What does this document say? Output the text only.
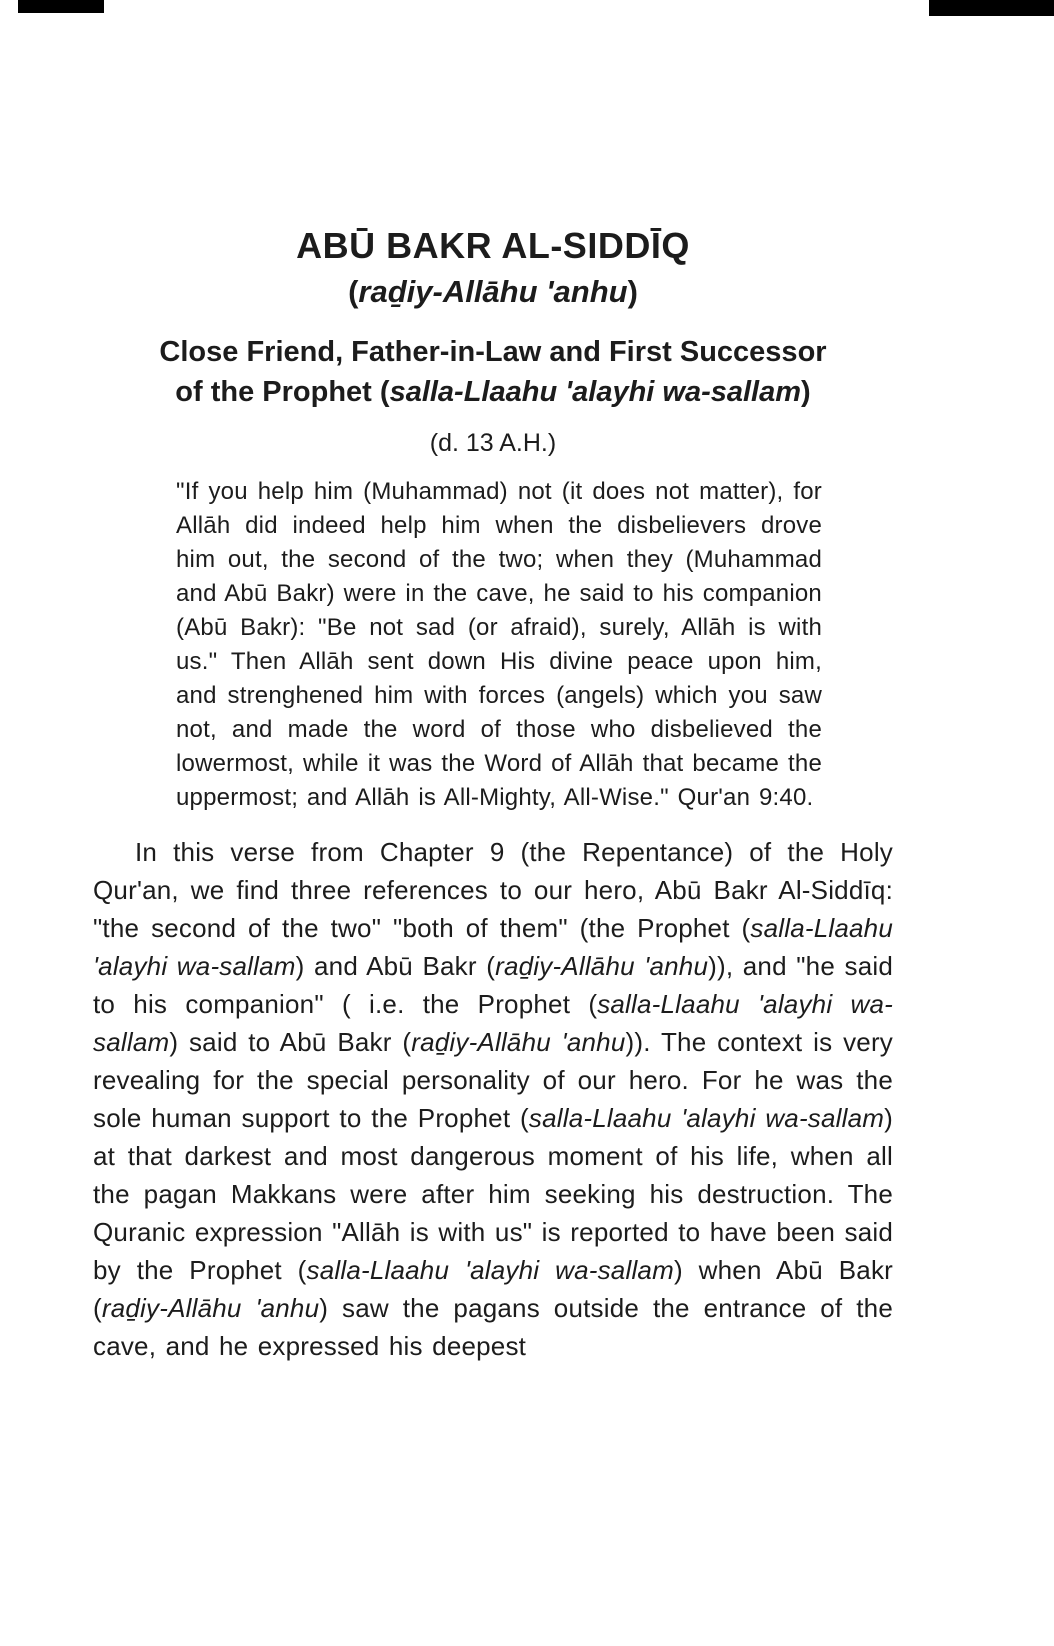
ABŪ BAKR AL-SIDDĪQ
(raḏiy-Allāhu 'anhu)
Close Friend, Father-in-Law and First Successor
of the Prophet (salla-Llaahu 'alayhi wa-sallam)
(d. 13 A.H.)
"If you help him (Muhammad) not (it does not matter), for Allāh did indeed help him when the disbelievers drove him out, the second of the two; when they (Muhammad and Abū Bakr) were in the cave, he said to his companion (Abū Bakr): "Be not sad (or afraid), surely, Allāh is with us." Then Allāh sent down His divine peace upon him, and strenghened him with forces (angels) which you saw not, and made the word of those who disbelieved the lowermost, while it was the Word of Allāh that became the uppermost; and Allāh is All-Mighty, All-Wise." Qur'an 9:40.

In this verse from Chapter 9 (the Repentance) of the Holy Qur'an, we find three references to our hero, Abū Bakr Al-Siddīq: "the second of the two" "both of them" (the Prophet (salla-Llaahu 'alayhi wa-sallam) and Abū Bakr (raḏiy-Allāhu 'anhu)), and "he said to his companion" ( i.e. the Prophet (salla-Llaahu 'alayhi wa-sallam) said to Abū Bakr (raḏiy-Allāhu 'anhu)). The context is very revealing for the special personality of our hero. For he was the sole human support to the Prophet (salla-Llaahu 'alayhi wa-sallam) at that darkest and most dangerous moment of his life, when all the pagan Makkans were after him seeking his destruction. The Quranic expression "Allāh is with us" is reported to have been said by the Prophet (salla-Llaahu 'alayhi wa-sallam) when Abū Bakr (raḏiy-Allāhu 'anhu) saw the pagans outside the entrance of the cave, and he expressed his deepest
